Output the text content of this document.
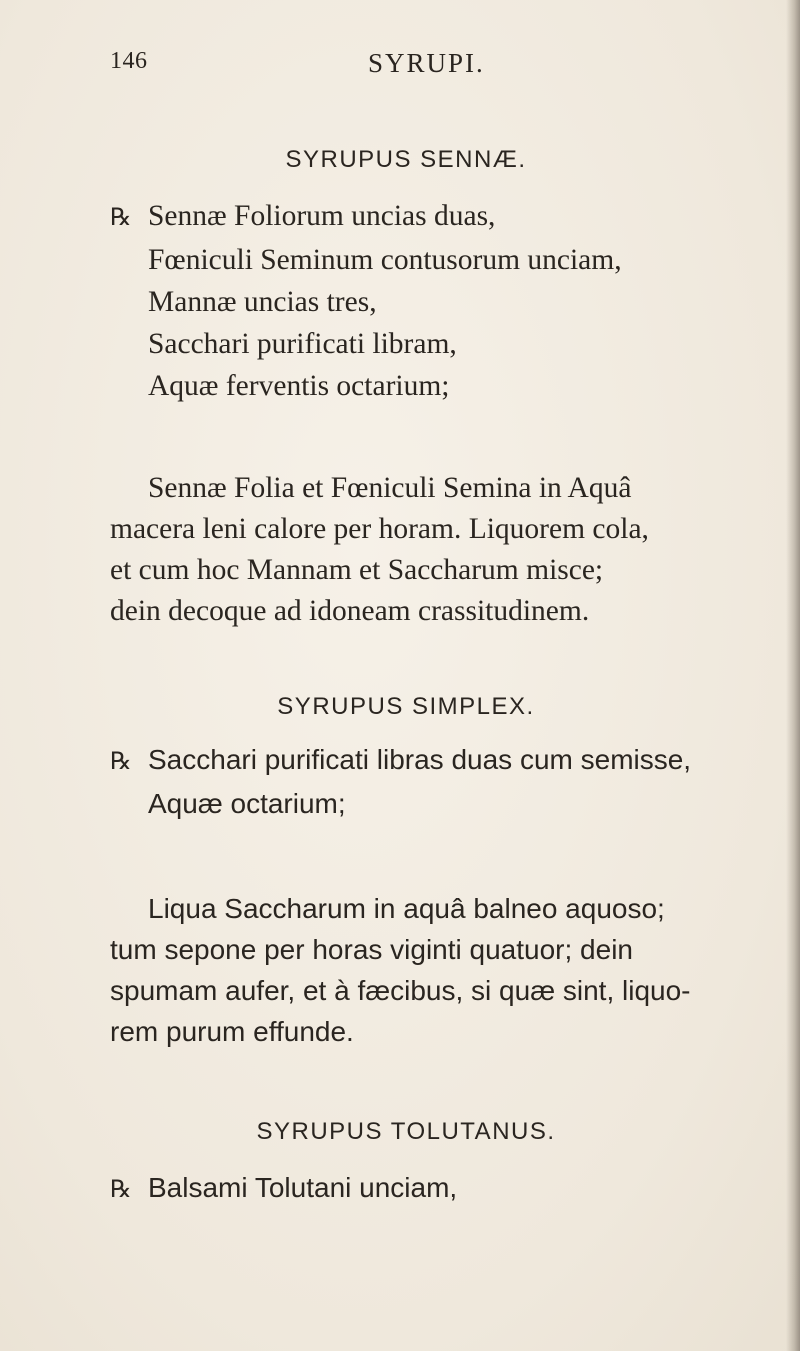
146	SYRUPI.
SYRUPUS SENNÆ.
℞ Sennæ Foliorum uncias duas,
Fœniculi Seminum contusorum unciam,
Mannæ uncias tres,
Sacchari purificati libram,
Aquæ ferventis octarium;
Sennæ Folia et Fœniculi Semina in Aquâ
macera leni calore per horam. Liquorem cola,
et cum hoc Mannam et Saccharum misce;
dein decoque ad idoneam crassitudinem.
SYRUPUS SIMPLEX.
℞ Sacchari purificati libras duas cum semisse,
Aquæ octarium;
Liqua Saccharum in aquâ balneo aquoso;
tum sepone per horas viginti quatuor; dein
spumam aufer, et à fæcibus, si quæ sint, liquo-
rem purum effunde.
SYRUPUS TOLUTANUS.
℞ Balsami Tolutani unciam,
